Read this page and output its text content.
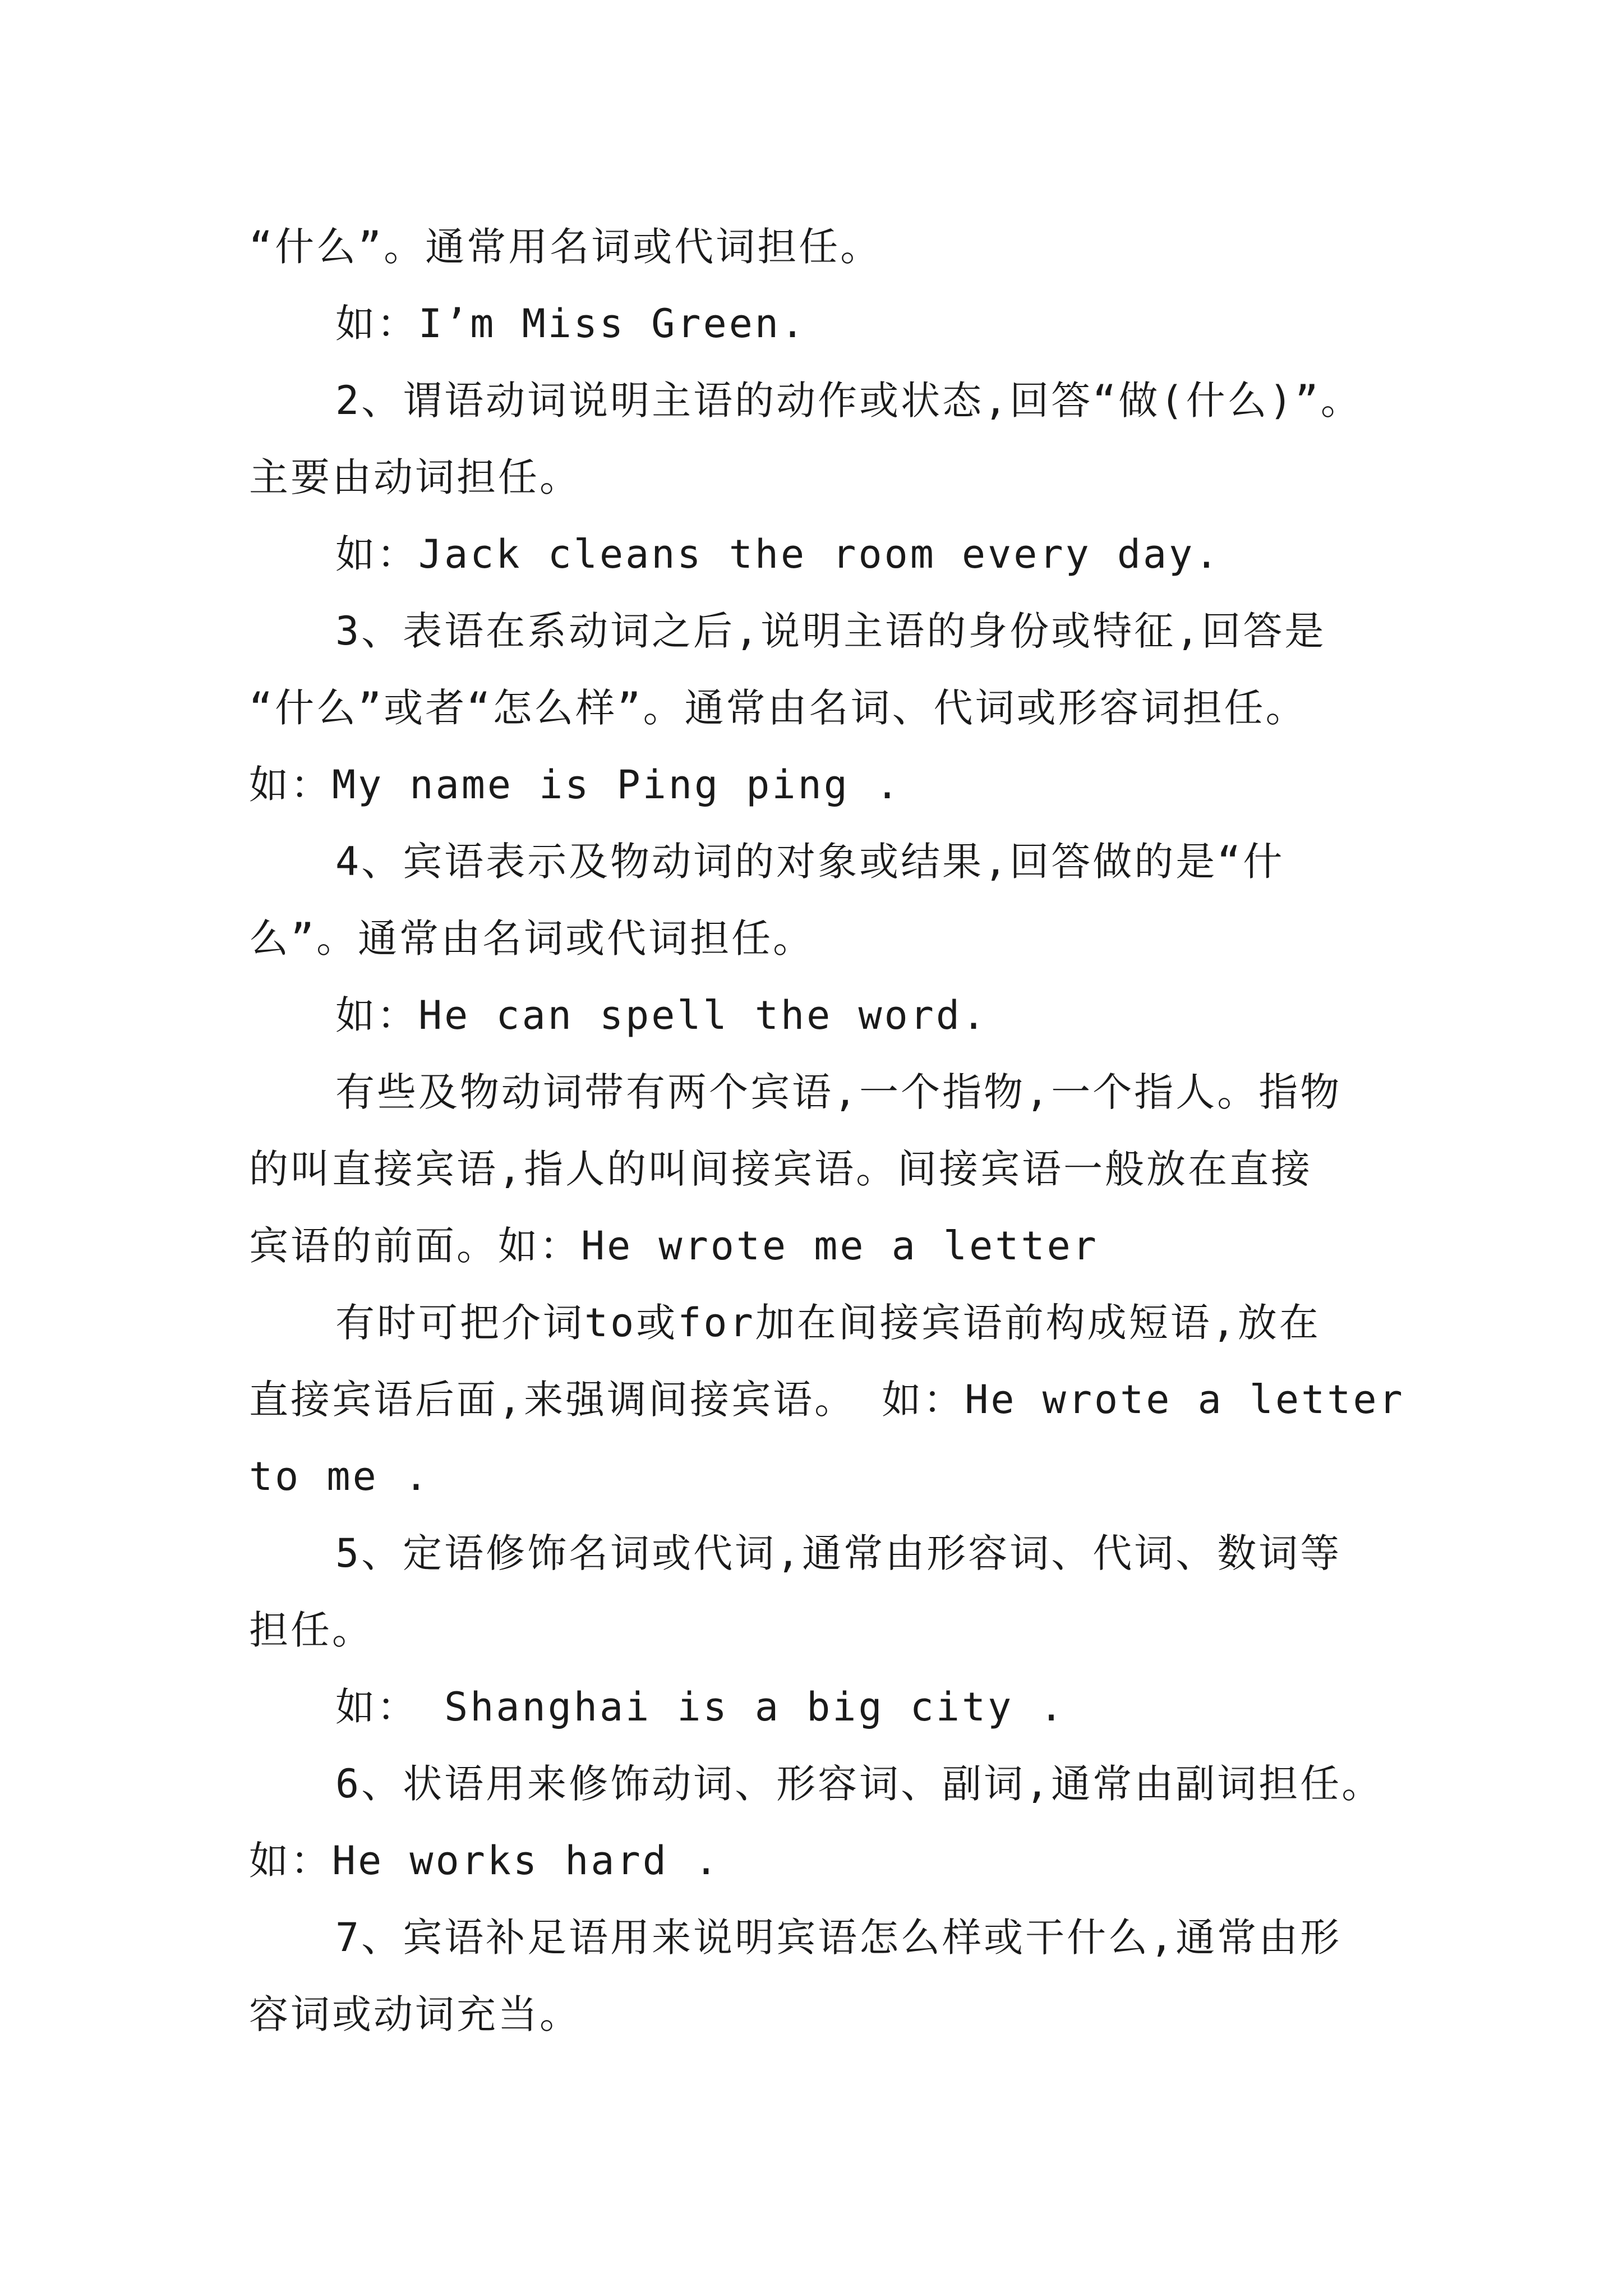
“什么”。通常用名词或代词担任。
如：I’m Miss Green.
2、谓语动词说明主语的动作或状态,回答“做(什么)”。
主要由动词担任。
如：Jack cleans the room every day.
3、表语在系动词之后,说明主语的身份或特征,回答是
“什么”或者“怎么样”。通常由名词、代词或形容词担任。
如：My name is Ping ping .
4、宾语表示及物动词的对象或结果,回答做的是“什
么”。通常由名词或代词担任。
如：He can spell the word.
有些及物动词带有两个宾语,一个指物,一个指人。指物
的叫直接宾语,指人的叫间接宾语。间接宾语一般放在直接
宾语的前面。如：He wrote me a letter
有时可把介词to或for加在间接宾语前构成短语,放在
直接宾语后面,来强调间接宾语。 如：He wrote a letter
to me .
5、定语修饰名词或代词,通常由形容词、代词、数词等
担任。
如： Shanghai is a big city .
6、状语用来修饰动词、形容词、副词,通常由副词担任。
如：He works hard .
7、宾语补足语用来说明宾语怎么样或干什么,通常由形
容词或动词充当。
